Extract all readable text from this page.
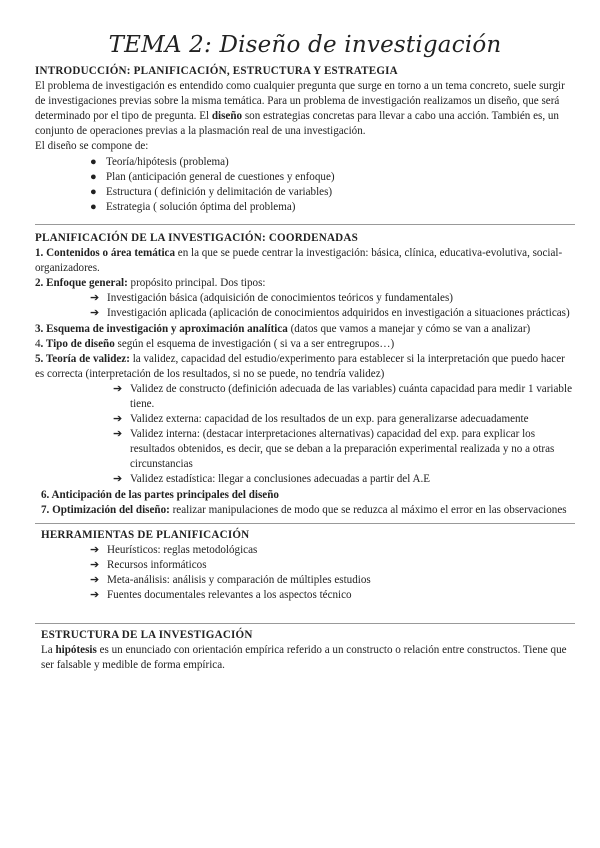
TEMA 2: Diseño de investigación

INTRODUCCIÓN: PLANIFICACIÓN, ESTRUCTURA Y ESTRATEGIA

El problema de investigación es entendido como cualquier pregunta que surge en torno a un tema concreto, suele surgir de investigaciones previas sobre la misma temática. Para un problema de investigación realizamos un diseño, que será determinado por el tipo de pregunta. El diseño son estrategias concretas para llevar a cabo una acción. También es, un conjunto de operaciones previas a la plasmación real de una investigación.

El diseño se compone de:

● Teoría/hipótesis (problema)
● Plan (anticipación general de cuestiones y enfoque)
● Estructura ( definición y delimitación de variables)
● Estrategia ( solución óptima del problema)

PLANIFICACIÓN DE LA INVESTIGACIÓN: COORDENADAS

1. Contenidos o área temática en la que se puede centrar la investigación: básica, clínica, educativa-evolutiva, social-organizadores.

2. Enfoque general: propósito principal. Dos tipos:

➔ Investigación básica (adquisición de conocimientos teóricos y fundamentales)
➔ Investigación aplicada (aplicación de conocimientos adquiridos en investigación a situaciones prácticas)

3. Esquema de investigación y aproximación analítica (datos que vamos a manejar y cómo se van a analizar)

4. Tipo de diseño según el esquema de investigación ( si va a ser entregrupos…)

5. Teoría de validez: la validez, capacidad del estudio/experimento para establecer si la interpretación que puedo hacer es correcta (interpretación de los resultados, si no se puede, no tendría validez)

➔ Validez de constructo (definición adecuada de las variables) cuánta capacidad para medir 1 variable tiene.
➔ Validez externa: capacidad de los resultados de un exp. para generalizarse adecuadamente
➔ Validez interna: (destacar interpretaciones alternativas) capacidad del exp. para explicar los resultados obtenidos, es decir, que se deban a la preparación experimental realizada y no a otras circunstancias
➔ Validez estadística: llegar a conclusiones adecuadas a partir del A.E

6. Anticipación de las partes principales del diseño

7. Optimización del diseño: realizar manipulaciones de modo que se reduzca al máximo el error en las observaciones

HERRAMIENTAS DE PLANIFICACIÓN

➔ Heurísticos: reglas metodológicas
➔ Recursos informáticos
➔ Meta-análisis: análisis y comparación de múltiples estudios
➔ Fuentes documentales relevantes a los aspectos técnico

ESTRUCTURA DE LA INVESTIGACIÓN

La hipótesis es un enunciado con orientación empírica referido a un constructo o relación entre constructos. Tiene que ser falsable y medible de forma empírica.
